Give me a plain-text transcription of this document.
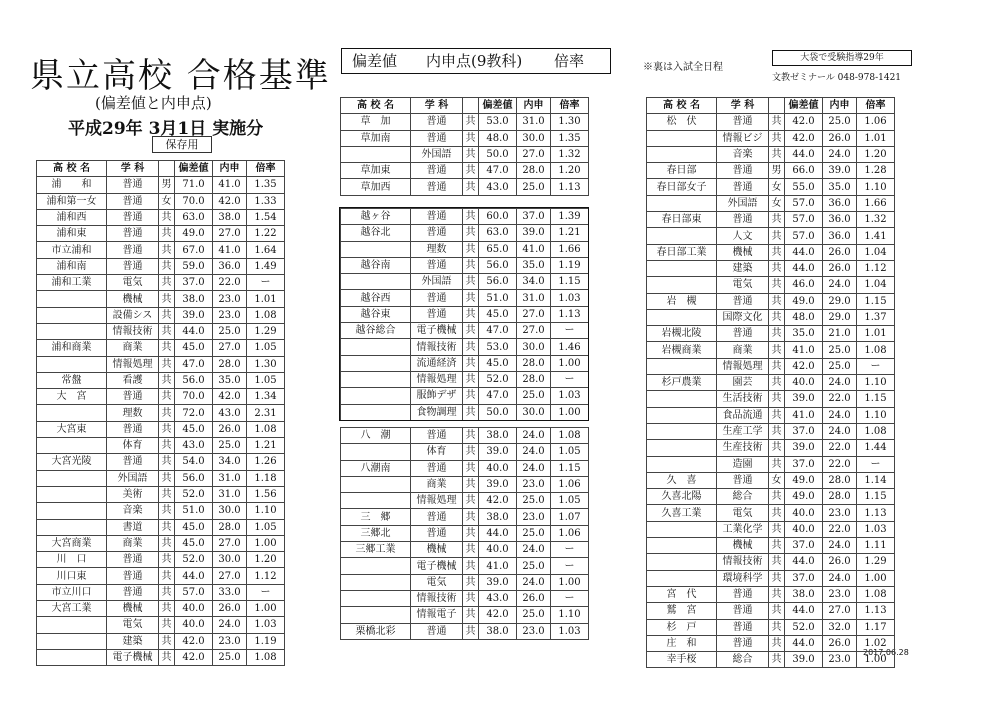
県立高校 合格基準
(偏差値と内申点)
平成29年 3月1日 実施分
保存用
偏差値 内申点(9教科) 倍率	※裏は入試全日程
大袋で受験指導29年
文教ゼミナール 048-978-1421
2017.06.28
高 校 名	学 科		偏差値	内申	倍率
浦　　和	普通	男	71.0	41.0	1.35
浦和第一女	普通	女	70.0	42.0	1.33
浦和西	普通	共	63.0	38.0	1.54
浦和東	普通	共	49.0	27.0	1.22
市立浦和	普通	共	67.0	41.0	1.64
浦和南	普通	共	59.0	36.0	1.49
浦和工業	電気	共	37.0	22.0	ー
	機械	共	38.0	23.0	1.01
	設備シス	共	39.0	23.0	1.08
	情報技術	共	44.0	25.0	1.29
浦和商業	商業	共	45.0	27.0	1.05
	情報処理	共	47.0	28.0	1.30
常盤	看護	共	56.0	35.0	1.05
大　宮	普通	共	70.0	42.0	1.34
	理数	共	72.0	43.0	2.31
大宮東	普通	共	45.0	26.0	1.08
	体育	共	43.0	25.0	1.21
大宮光陵	普通	共	54.0	34.0	1.26
	外国語	共	56.0	31.0	1.18
	美術	共	52.0	31.0	1.56
	音楽	共	51.0	30.0	1.10
	書道	共	45.0	28.0	1.05
大宮商業	商業	共	45.0	27.0	1.00
川　口	普通	共	52.0	30.0	1.20
川口東	普通	共	44.0	27.0	1.12
市立川口	普通	共	57.0	33.0	ー
大宮工業	機械	共	40.0	26.0	1.00
	電気	共	40.0	24.0	1.03
	建築	共	42.0	23.0	1.19
	電子機械	共	42.0	25.0	1.08
高 校 名	学 科		偏差値	内申	倍率
草　加	普通	共	53.0	31.0	1.30
草加南	普通	共	48.0	30.0	1.35
	外国語	共	50.0	27.0	1.32
草加東	普通	共	47.0	28.0	1.20
草加西	普通	共	43.0	25.0	1.13
越ヶ谷	普通	共	60.0	37.0	1.39
越谷北	普通	共	63.0	39.0	1.21
	理数	共	65.0	41.0	1.66
越谷南	普通	共	56.0	35.0	1.19
	外国語	共	56.0	34.0	1.15
越谷西	普通	共	51.0	31.0	1.03
越谷東	普通	共	45.0	27.0	1.13
越谷総合	電子機械	共	47.0	27.0	ー
	情報技術	共	53.0	30.0	1.46
	流通経済	共	45.0	28.0	1.00
	情報処理	共	52.0	28.0	ー
	服飾デザ	共	47.0	25.0	1.03
	食物調理	共	50.0	30.0	1.00
八　潮	普通	共	38.0	24.0	1.08
	体育	共	39.0	24.0	1.05
八潮南	普通	共	40.0	24.0	1.15
	商業	共	39.0	23.0	1.06
	情報処理	共	42.0	25.0	1.05
三　郷	普通	共	38.0	23.0	1.07
三郷北	普通	共	44.0	25.0	1.06
三郷工業	機械	共	40.0	24.0	ー
	電子機械	共	41.0	25.0	ー
	電気	共	39.0	24.0	1.00
	情報技術	共	43.0	26.0	ー
	情報電子	共	42.0	25.0	1.10
栗橋北彩	普通	共	38.0	23.0	1.03
高 校 名	学 科		偏差値	内申	倍率
松　伏	普通	共	42.0	25.0	1.06
	情報ビジ	共	42.0	26.0	1.01
	音楽	共	44.0	24.0	1.20
春日部	普通	男	66.0	39.0	1.28
春日部女子	普通	女	55.0	35.0	1.10
	外国語	女	57.0	36.0	1.66
春日部東	普通	共	57.0	36.0	1.32
	人文	共	57.0	36.0	1.41
春日部工業	機械	共	44.0	26.0	1.04
	建築	共	44.0	26.0	1.12
	電気	共	46.0	24.0	1.04
岩　槻	普通	共	49.0	29.0	1.15
	国際文化	共	48.0	29.0	1.37
岩槻北陵	普通	共	35.0	21.0	1.01
岩槻商業	商業	共	41.0	25.0	1.08
	情報処理	共	42.0	25.0	ー
杉戸農業	園芸	共	40.0	24.0	1.10
	生活技術	共	39.0	22.0	1.15
	食品流通	共	41.0	24.0	1.10
	生産工学	共	37.0	24.0	1.08
	生産技術	共	39.0	22.0	1.44
	造園	共	37.0	22.0	ー
久　喜	普通	女	49.0	28.0	1.14
久喜北陽	総合	共	49.0	28.0	1.15
久喜工業	電気	共	40.0	23.0	1.13
	工業化学	共	40.0	22.0	1.03
	機械	共	37.0	24.0	1.11
	情報技術	共	44.0	26.0	1.29
	環境科学	共	37.0	24.0	1.00
宮　代	普通	共	38.0	23.0	1.08
鷲　宮	普通	共	44.0	27.0	1.13
杉　戸	普通	共	52.0	32.0	1.17
庄　和	普通	共	44.0	26.0	1.02
幸手桜	総合	共	39.0	23.0	1.00
